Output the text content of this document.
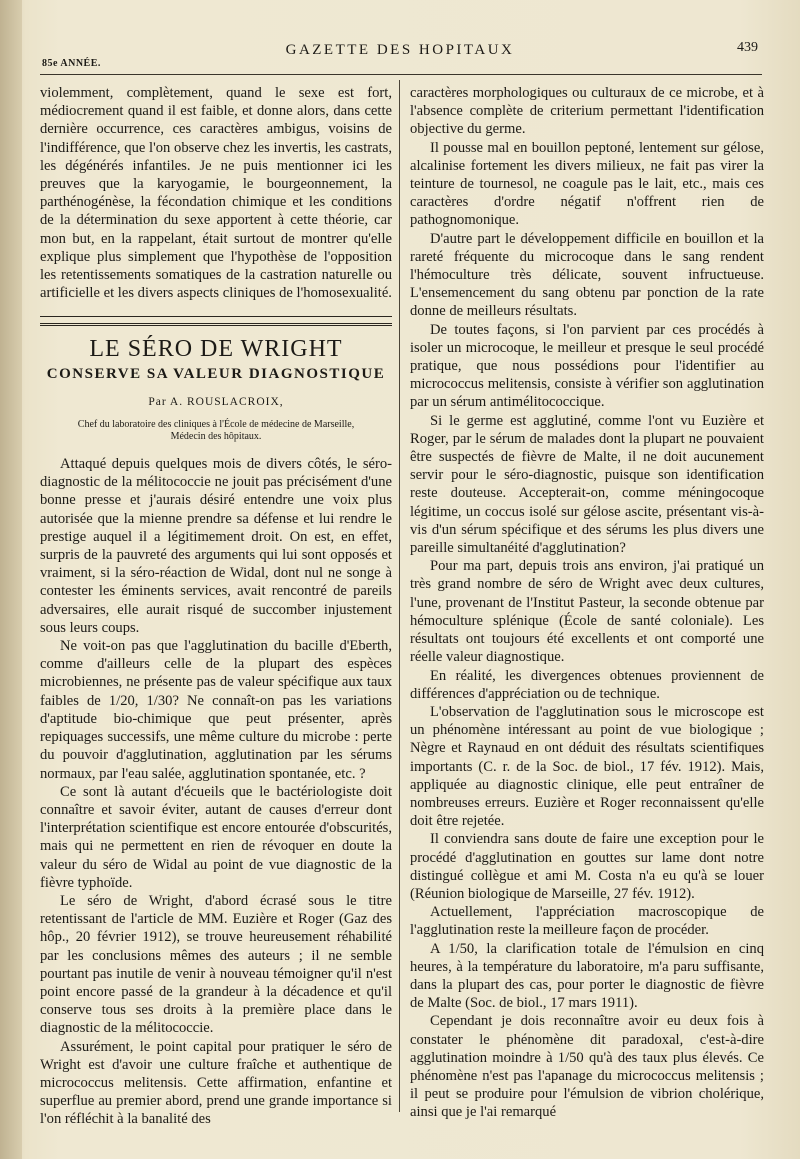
85e ANNÉE.
GAZETTE DES HOPITAUX	439

violemment, complètement, quand le sexe est fort, médiocrement quand il est faible, et donne alors, dans cette dernière occurrence, ces caractères ambigus, voisins de l'indifférence, que l'on observe chez les invertis, les castrats, les dégénérés infantiles. Je ne puis mentionner ici les preuves que la karyogamie, le bourgeonnement, la parthénogénèse, la fécondation chimique et les conditions de la détermination du sexe apportent à cette théorie, car mon but, en la rappelant, était surtout de montrer qu'elle explique plus simplement que l'hypothèse de l'opposition les retentissements somatiques de la castration naturelle ou artificielle et les divers aspects cliniques de l'homosexualité.

LE SÉRO DE WRIGHT
CONSERVE SA VALEUR DIAGNOSTIQUE
Par A. ROUSLACROIX,
Chef du laboratoire des cliniques à l'École de médecine de Marseille,
Médecin des hôpitaux.

Attaqué depuis quelques mois de divers côtés, le séro-diagnostic de la mélitococcie ne jouit pas précisément d'une bonne presse et j'aurais désiré entendre une voix plus autorisée que la mienne prendre sa défense et lui rendre le prestige auquel il a légitimement droit. On est, en effet, surpris de la pauvreté des arguments qui lui sont opposés et vraiment, si la séro-réaction de Widal, dont nul ne songe à contester les éminents services, avait rencontré de pareils adversaires, elle aurait risqué de succomber injustement sous leurs coups.

Ne voit-on pas que l'agglutination du bacille d'Eberth, comme d'ailleurs celle de la plupart des espèces microbiennes, ne présente pas de valeur spécifique aux taux faibles de 1/20, 1/30? Ne connaît-on pas les variations d'aptitude bio-chimique que peut présenter, après repiquages successifs, une même culture du microbe : perte du pouvoir d'agglutination, agglutination par les sérums normaux, par l'eau salée, agglutination spontanée, etc. ?

Ce sont là autant d'écueils que le bactériologiste doit connaître et savoir éviter, autant de causes d'erreur dont l'interprétation scientifique est encore entourée d'obscurités, mais qui ne permettent en rien de révoquer en doute la valeur du séro de Widal au point de vue diagnostic de la fièvre typhoïde.

Le séro de Wright, d'abord écrasé sous le titre retentissant de l'article de MM. Euzière et Roger (Gaz des hôp., 20 février 1912), se trouve heureusement réhabilité par les conclusions mêmes des auteurs ; il ne semble pourtant pas inutile de venir à nouveau témoigner qu'il n'est point encore passé de la grandeur à la décadence et qu'il conserve tous ses droits à la première place dans le diagnostic de la mélitococcie.

Assurément, le point capital pour pratiquer le séro de Wright est d'avoir une culture fraîche et authentique de micrococcus melitensis. Cette affirmation, enfantine et superflue au premier abord, prend une grande importance si l'on réfléchit à la banalité des

caractères morphologiques ou culturaux de ce microbe, et à l'absence complète de criterium permettant l'identification objective du germe.

Il pousse mal en bouillon peptoné, lentement sur gélose, alcalinise fortement les divers milieux, ne fait pas virer la teinture de tournesol, ne coagule pas le lait, etc., mais ces caractères d'ordre négatif n'offrent rien de pathognomonique.

D'autre part le développement difficile en bouillon et la rareté fréquente du microcoque dans le sang rendent l'hémoculture très délicate, souvent infructueuse. L'ensemencement du sang obtenu par ponction de la rate donne de meilleurs résultats.

De toutes façons, si l'on parvient par ces procédés à isoler un microcoque, le meilleur et presque le seul procédé pratique, que nous possédions pour l'identifier au micrococcus melitensis, consiste à vérifier son agglutination par un sérum antimélitococcique.

Si le germe est agglutiné, comme l'ont vu Euzière et Roger, par le sérum de malades dont la plupart ne pouvaient être suspectés de fièvre de Malte, il ne doit aucunement servir pour le séro-diagnostic, puisque son identification reste douteuse. Accepterait-on, comme méningocoque légitime, un coccus isolé sur gélose ascite, présentant vis-à-vis d'un sérum spécifique et des sérums les plus divers une pareille simultanéité d'agglutination?

Pour ma part, depuis trois ans environ, j'ai pratiqué un très grand nombre de séro de Wright avec deux cultures, l'une, provenant de l'Institut Pasteur, la seconde obtenue par hémoculture splénique (École de santé coloniale). Les résultats ont toujours été excellents et ont comporté une réelle valeur diagnostique.

En réalité, les divergences obtenues proviennent de différences d'appréciation ou de technique.

L'observation de l'agglutination sous le microscope est un phénomène intéressant au point de vue biologique ; Nègre et Raynaud en ont déduit des résultats scientifiques importants (C. r. de la Soc. de biol., 17 fév. 1912). Mais, appliquée au diagnostic clinique, elle peut entraîner de nombreuses erreurs. Euzière et Roger reconnaissent qu'elle doit être rejetée.

Il conviendra sans doute de faire une exception pour le procédé d'agglutination en gouttes sur lame dont notre distingué collègue et ami M. Costa n'a eu qu'à se louer (Réunion biologique de Marseille, 27 fév. 1912).

Actuellement, l'appréciation macroscopique de l'agglutination reste la meilleure façon de procéder.

A 1/50, la clarification totale de l'émulsion en cinq heures, à la température du laboratoire, m'a paru suffisante, dans la plupart des cas, pour porter le diagnostic de fièvre de Malte (Soc. de biol., 17 mars 1911).

Cependant je dois reconnaître avoir eu deux fois à constater le phénomène dit paradoxal, c'est-à-dire agglutination moindre à 1/50 qu'à des taux plus élevés. Ce phénomène n'est pas l'apanage du micrococcus melitensis ; il peut se produire pour l'émulsion de vibrion cholérique, ainsi que je l'ai remarqué
